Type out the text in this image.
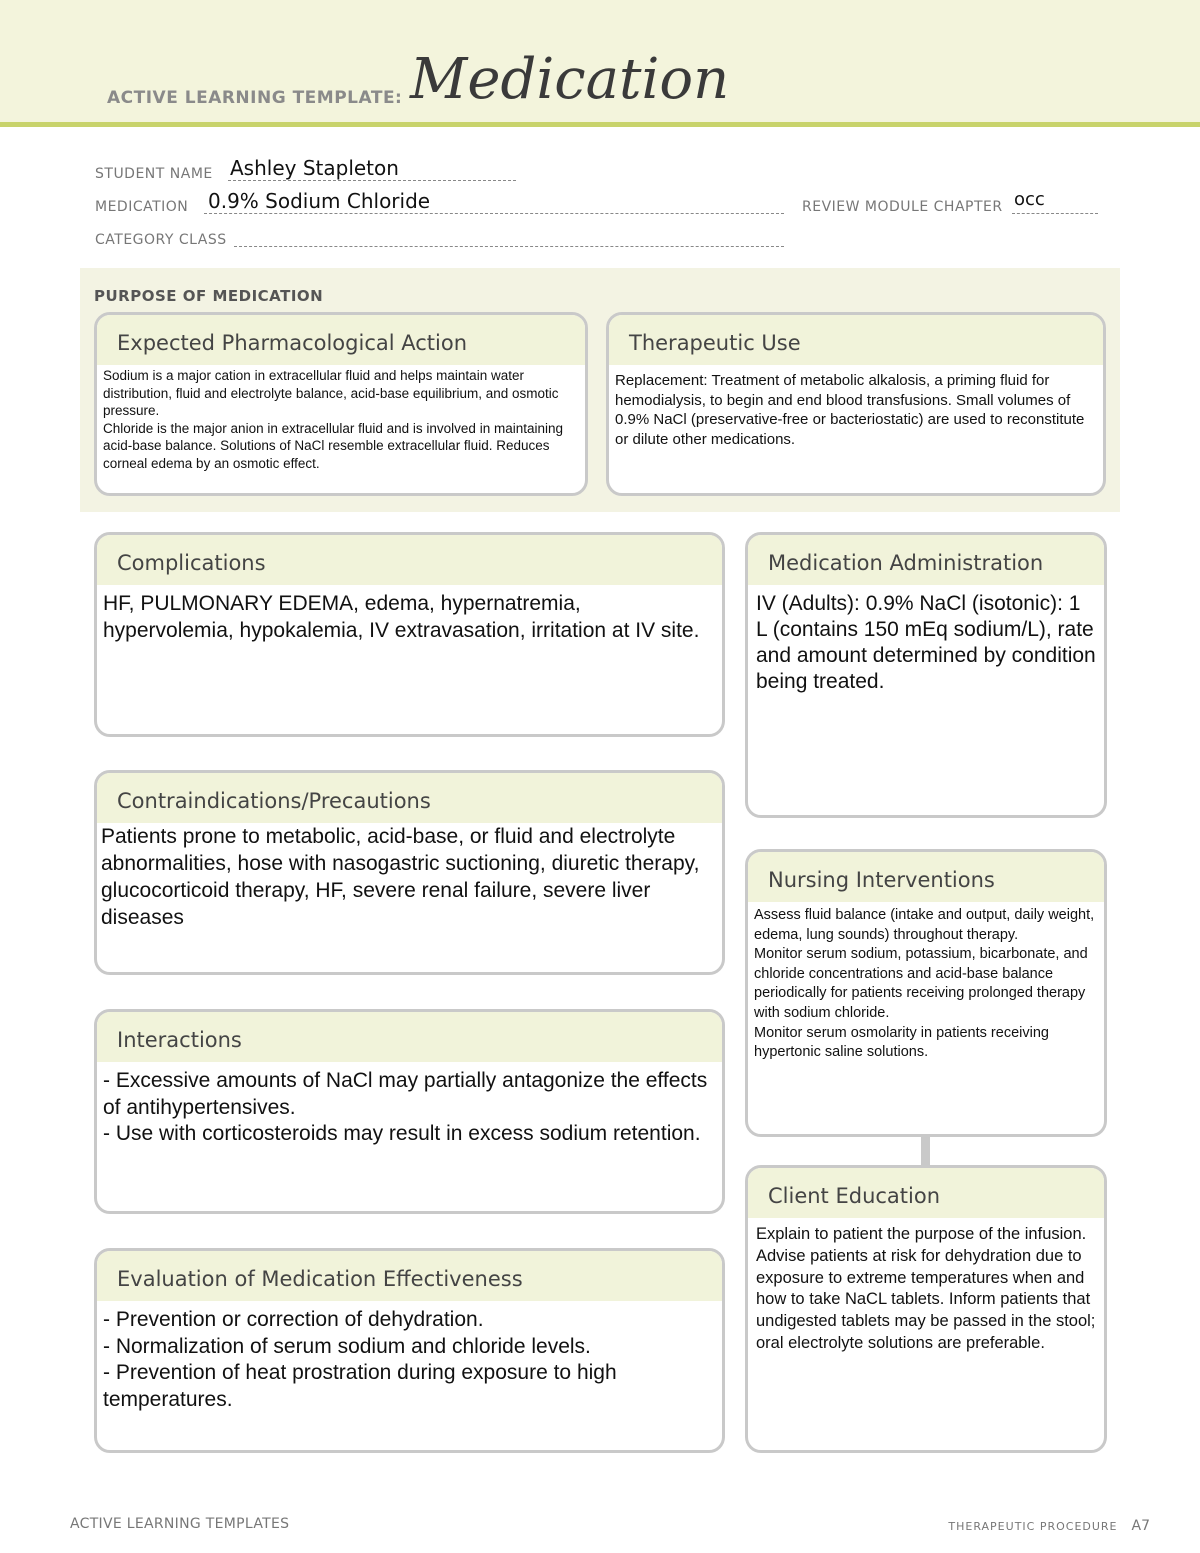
ACTIVE LEARNING TEMPLATE: Medication
STUDENT NAME Ashley Stapleton
MEDICATION 0.9% Sodium Chloride	REVIEW MODULE CHAPTER occ
CATEGORY CLASS
PURPOSE OF MEDICATION
Expected Pharmacological Action
Sodium is a major cation in extracellular fluid and helps maintain water distribution, fluid and electrolyte balance, acid-base equilibrium, and osmotic pressure.
Chloride is the major anion in extracellular fluid and is involved in maintaining acid-base balance. Solutions of NaCl resemble extracellular fluid. Reduces corneal edema by an osmotic effect.
Therapeutic Use
Replacement: Treatment of metabolic alkalosis, a priming fluid for hemodialysis, to begin and end blood transfusions. Small volumes of 0.9% NaCl (preservative-free or bacteriostatic) are used to reconstitute or dilute other medications.
Complications
HF, PULMONARY EDEMA, edema, hypernatremia, hypervolemia, hypokalemia, IV extravasation, irritation at IV site.
Medication Administration
IV (Adults): 0.9% NaCl (isotonic): 1 L (contains 150 mEq sodium/L), rate and amount determined by condition being treated.
Contraindications/Precautions
Patients prone to metabolic, acid-base, or fluid and electrolyte abnormalities, hose with nasogastric suctioning, diuretic therapy, glucocorticoid therapy, HF, severe renal failure, severe liver diseases
Nursing Interventions
Assess fluid balance (intake and output, daily weight, edema, lung sounds) throughout therapy.
Monitor serum sodium, potassium, bicarbonate, and chloride concentrations and acid-base balance periodically for patients receiving prolonged therapy with sodium chloride.
Monitor serum osmolarity in patients receiving hypertonic saline solutions.
Interactions
- Excessive amounts of NaCl may partially antagonize the effects of antihypertensives.
- Use with corticosteroids may result in excess sodium retention.
Client Education
Explain to patient the purpose of the infusion. Advise patients at risk for dehydration due to exposure to extreme temperatures when and how to take NaCL tablets. Inform patients that undigested tablets may be passed in the stool; oral electrolyte solutions are preferable.
Evaluation of Medication Effectiveness
- Prevention or correction of dehydration.
- Normalization of serum sodium and chloride levels.
- Prevention of heat prostration during exposure to high temperatures.
ACTIVE LEARNING TEMPLATES	THERAPEUTIC PROCEDURE A7
